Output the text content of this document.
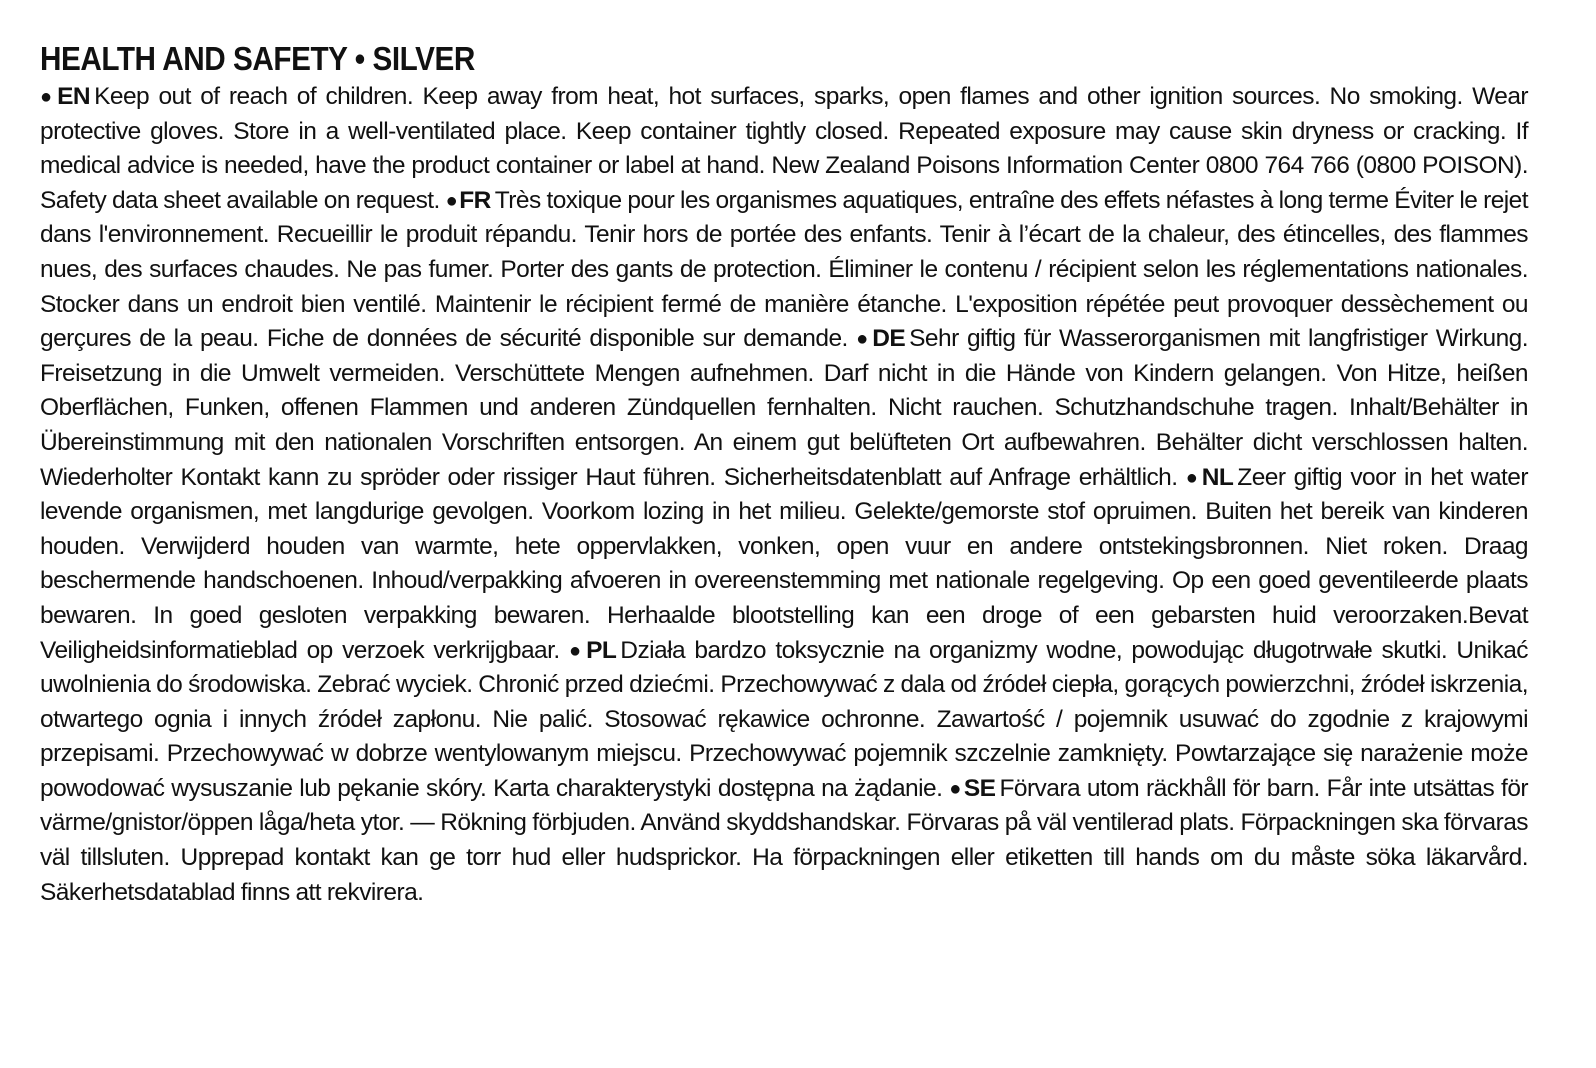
HEALTH AND SAFETY • SILVER

●EN Keep out of reach of children. Keep away from heat, hot surfaces, sparks, open flames and other ignition sources. No smoking. Wear protective gloves. Store in a well-ventilated place. Keep container tightly closed. Repeated exposure may cause skin dryness or cracking. If medical advice is needed, have the product container or label at hand. New Zealand Poisons Information Center 0800 764 766 (0800 POISON). Safety data sheet available on request. ●FR Très toxique pour les organismes aquatiques, entraîne des effets néfastes à long terme Éviter le rejet dans l'environnement. Recueillir le produit répandu. Tenir hors de portée des enfants. Tenir à l’écart de la chaleur, des étincelles, des flammes nues, des surfaces chaudes. Ne pas fumer. Porter des gants de protection. Éliminer le contenu / récipient selon les réglementations nationales. Stocker dans un endroit bien ventilé. Maintenir le récipient fermé de manière étanche. L'exposition répétée peut provoquer dessèchement ou gerçures de la peau. Fiche de données de sécurité disponible sur demande. ●DE Sehr giftig für Wasserorganismen mit langfristiger Wirkung. Freisetzung in die Umwelt vermeiden. Verschüttete Mengen aufnehmen. Darf nicht in die Hände von Kindern gelangen. Von Hitze, heißen Oberflächen, Funken, offenen Flammen und anderen Zündquellen fernhalten. Nicht rauchen. Schutzhandschuhe tragen. Inhalt/Behälter in Übereinstimmung mit den nationalen Vorschriften entsorgen. An einem gut belüfteten Ort aufbewahren. Behälter dicht verschlossen halten. Wiederholter Kontakt kann zu spröder oder rissiger Haut führen. Sicherheitsdatenblatt auf Anfrage erhältlich. ●NL Zeer giftig voor in het water levende organismen, met langdurige gevolgen. Voorkom lozing in het milieu. Gelekte/gemorste stof opruimen. Buiten het bereik van kinderen houden. Verwijderd houden van warmte, hete oppervlakken, vonken, open vuur en andere ontstekingsbronnen. Niet roken. Draag beschermende handschoenen. Inhoud/verpakking afvoeren in overeenstemming met nationale regelgeving. Op een goed geventileerde plaats bewaren. In goed gesloten verpakking bewaren. Herhaalde blootstelling kan een droge of een gebarsten huid veroorzaken.Bevat Veiligheidsinformatieblad op verzoek verkrijgbaar. ●PL Działa bardzo toksycznie na organizmy wodne, powodując długotrwałe skutki. Unikać uwolnienia do środowiska. Zebrać wyciek. Chronić przed dziećmi. Przechowywać z dala od źródeł ciepła, gorących powierzchni, źródeł iskrzenia, otwartego ognia i innych źródeł zapłonu. Nie palić. Stosować rękawice ochronne. Zawartość / pojemnik usuwać do zgodnie z krajowymi przepisami. Przechowywać w dobrze wentylowanym miejscu. Przechowywać pojemnik szczelnie zamknięty. Powtarzające się narażenie może powodować wysuszanie lub pękanie skóry. Karta charakterystyki dostępna na żądanie. ●SE Förvara utom räckhåll för barn. Får inte utsättas för värme/gnistor/öppen låga/heta ytor. — Rökning förbjuden. Använd skyddshandskar. Förvaras på väl ventilerad plats. Förpackningen ska förvaras väl tillsluten. Upprepad kontakt kan ge torr hud eller hudsprickor. Ha förpackningen eller etiketten till hands om du måste söka läkarvård. Säkerhetsdatablad finns att rekvirera.
